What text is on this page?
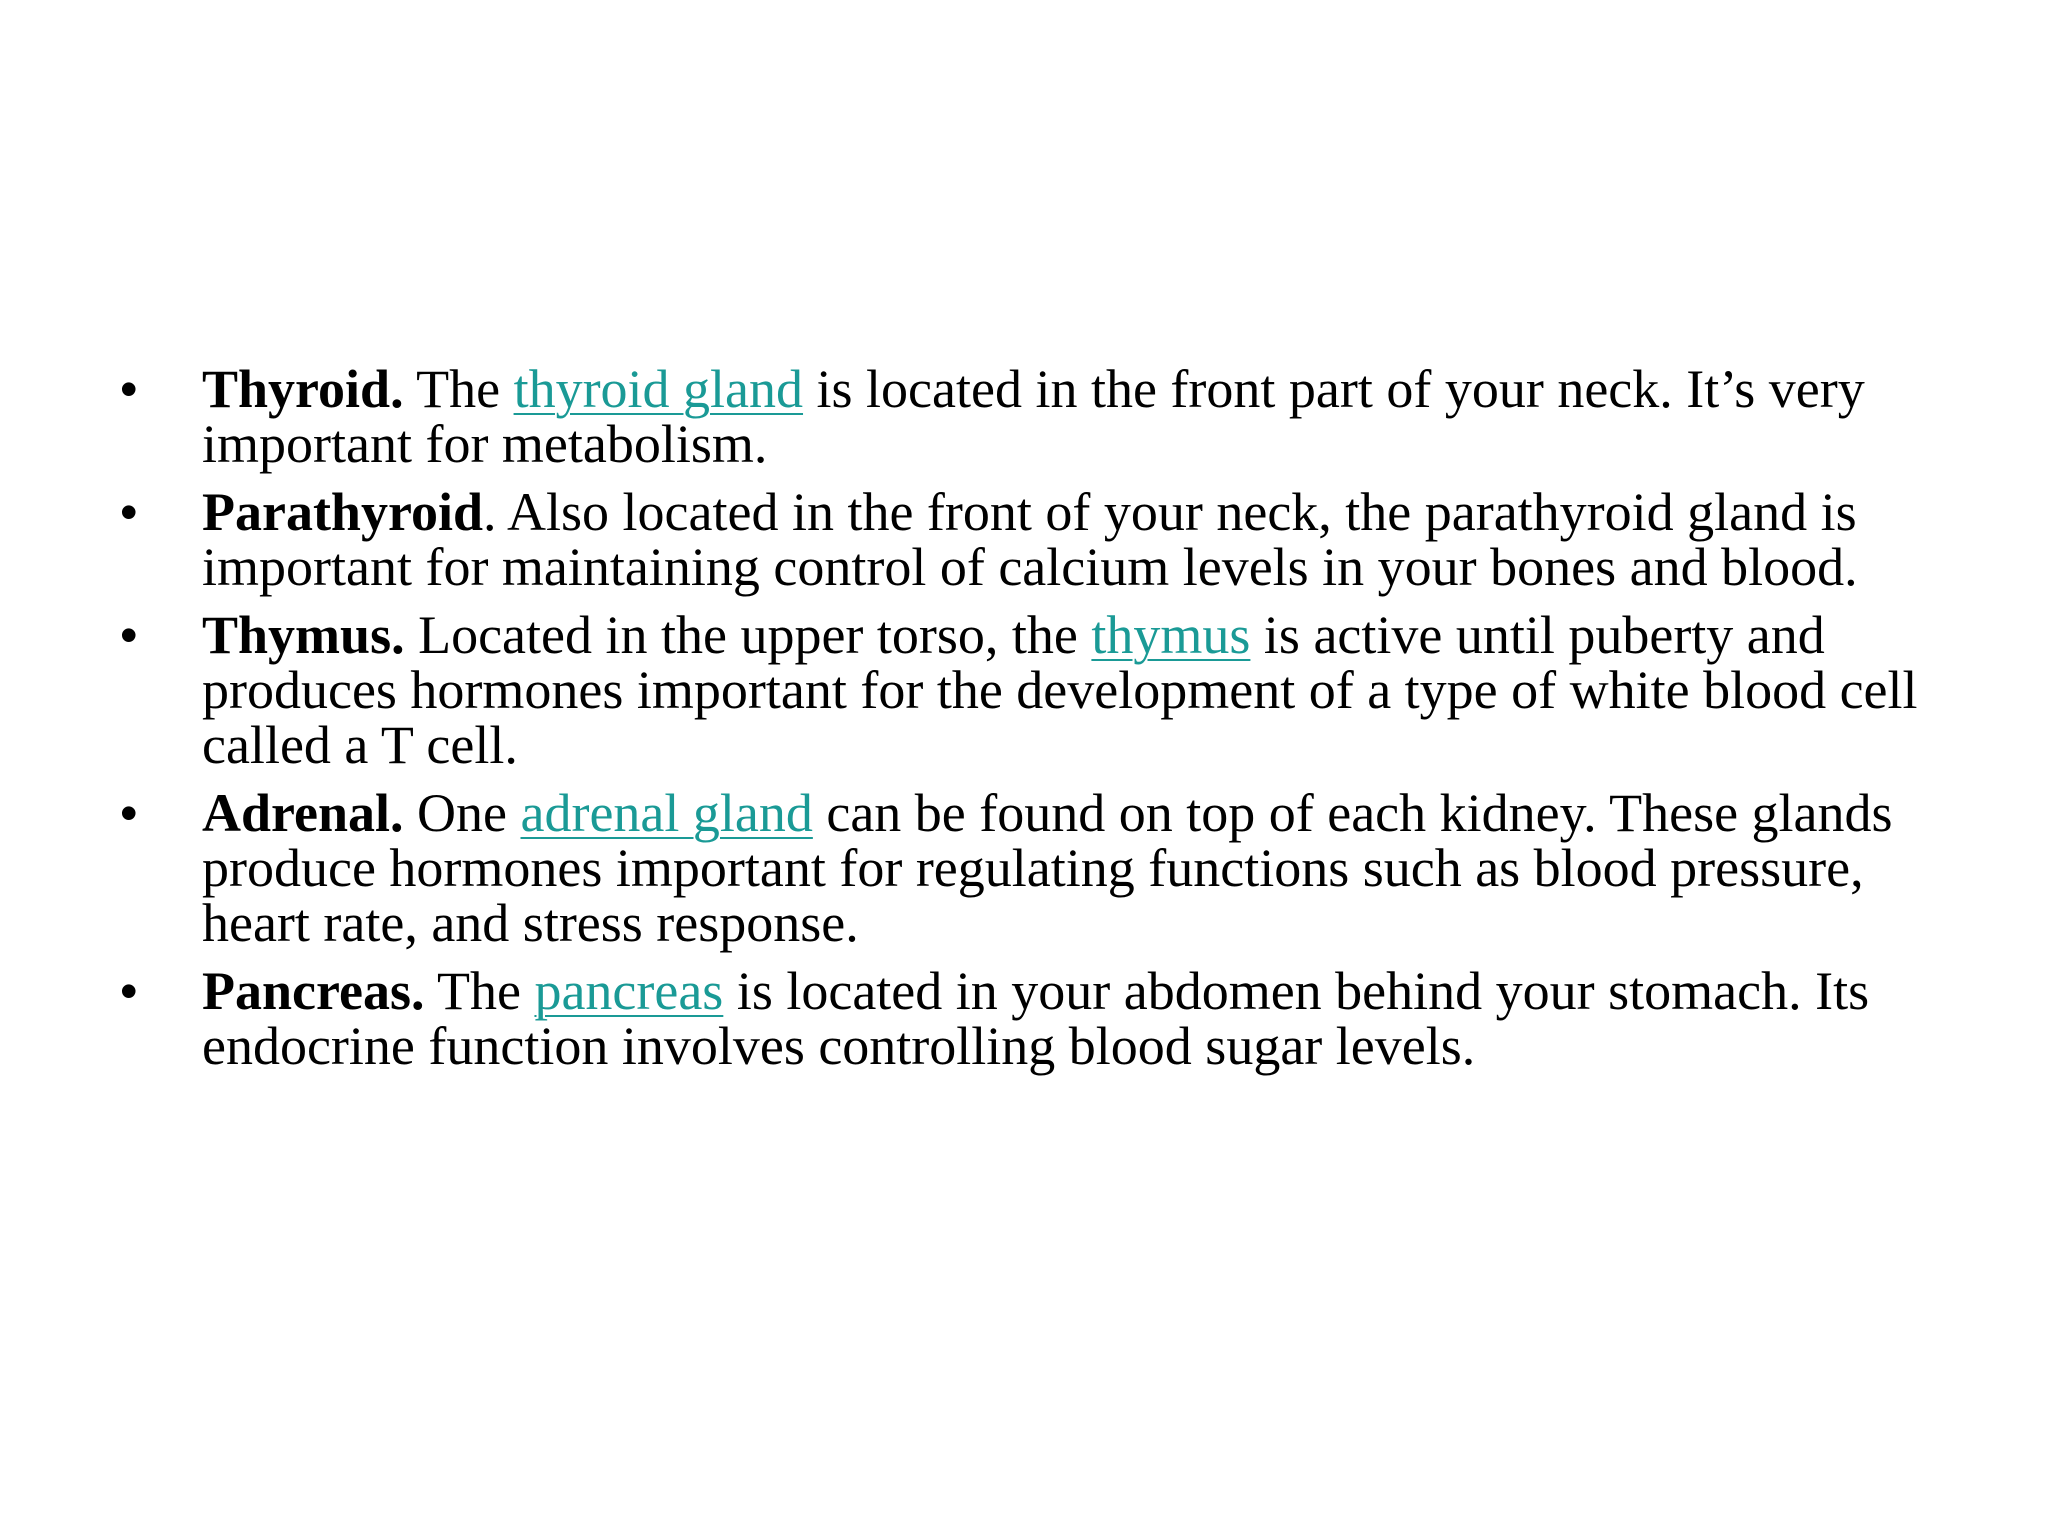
• Thyroid. The thyroid gland is located in the front part of your neck. It’s very important for metabolism.
• Parathyroid. Also located in the front of your neck, the parathyroid gland is important for maintaining control of calcium levels in your bones and blood.
• Thymus. Located in the upper torso, the thymus is active until puberty and produces hormones important for the development of a type of white blood cell called a T cell.
• Adrenal. One adrenal gland can be found on top of each kidney. These glands produce hormones important for regulating functions such as blood pressure, heart rate, and stress response.
• Pancreas. The pancreas is located in your abdomen behind your stomach. Its endocrine function involves controlling blood sugar levels.
